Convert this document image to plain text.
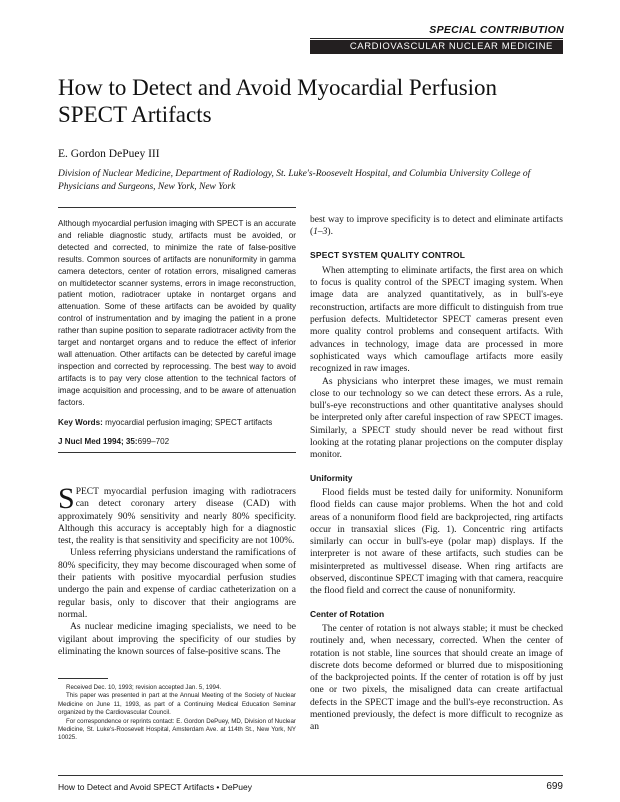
SPECIAL CONTRIBUTION
CARDIOVASCULAR NUCLEAR MEDICINE
How to Detect and Avoid Myocardial Perfusion SPECT Artifacts
E. Gordon DePuey III
Division of Nuclear Medicine, Department of Radiology, St. Luke's-Roosevelt Hospital, and Columbia University College of Physicians and Surgeons, New York, New York

Although myocardial perfusion imaging with SPECT is an accurate and reliable diagnostic study, artifacts must be avoided, or detected and corrected, to minimize the rate of false-positive results. Common sources of artifacts are nonuniformity in gamma camera detectors, center of rotation errors, misaligned cameras on multidetector scanner systems, errors in image reconstruction, patient motion, radiotracer uptake in nontarget organs and attenuation. Some of these artifacts can be avoided by quality control of instrumentation and by imaging the patient in a prone rather than supine position to separate radiotracer activity from the target and nontarget organs and to reduce the effect of inferior wall attenuation. Other artifacts can be detected by careful image inspection and corrected by reprocessing. The best way to avoid artifacts is to pay very close attention to the technical factors of image acquisition and processing, and to be aware of attenuation factors.

Key Words: myocardial perfusion imaging; SPECT artifacts

J Nucl Med 1994; 35:699–702

SPECT myocardial perfusion imaging with radiotracers can detect coronary artery disease (CAD) with approximately 90% sensitivity and nearly 80% specificity. Although this accuracy is acceptably high for a diagnostic test, the reality is that sensitivity and specificity are not 100%.

Unless referring physicians understand the ramifications of 80% specificity, they may become discouraged when some of their patients with positive myocardial perfusion studies undergo the pain and expense of cardiac catheterization on a regular basis, only to discover that their angiograms are normal.

As nuclear medicine imaging specialists, we need to be vigilant about improving the specificity of our studies by eliminating the known sources of false-positive scans. The

Received Dec. 10, 1993; revision accepted Jan. 5, 1994.

This paper was presented in part at the Annual Meeting of the Society of Nuclear Medicine on June 11, 1993, as part of a Continuing Medical Education Seminar organized by the Cardiovascular Council.

For correspondence or reprints contact: E. Gordon DePuey, MD, Division of Nuclear Medicine, St. Luke's-Roosevelt Hospital, Amsterdam Ave. at 114th St., New York, NY 10025.

best way to improve specificity is to detect and eliminate artifacts (1–3).

SPECT SYSTEM QUALITY CONTROL

When attempting to eliminate artifacts, the first area on which to focus is quality control of the SPECT imaging system. When image data are analyzed quantitatively, as in bull's-eye reconstruction, artifacts are more difficult to distinguish from true perfusion defects. Multidetector SPECT cameras present even more quality control problems and consequent artifacts. With advances in technology, image data are processed in more sophisticated ways which camouflage artifacts more easily recognized in raw images.

As physicians who interpret these images, we must remain close to our technology so we can detect these errors. As a rule, bull's-eye reconstructions and other quantitative analyses should be interpreted only after careful inspection of raw SPECT images. Similarly, a SPECT study should never be read without first looking at the rotating planar projections on the computer display monitor.

Uniformity

Flood fields must be tested daily for uniformity. Nonuniform flood fields can cause major problems. When the hot and cold areas of a nonuniform flood field are backprojected, ring artifacts occur in transaxial slices (Fig. 1). Concentric ring artifacts similarly can occur in bull's-eye (polar map) displays. If the interpreter is not aware of these artifacts, such studies can be misinterpreted as multivessel disease. When ring artifacts are observed, discontinue SPECT imaging with that camera, reacquire the flood field and correct the cause of nonuniformity.

Center of Rotation

The center of rotation is not always stable; it must be checked routinely and, when necessary, corrected. When the center of rotation is not stable, line sources that should create an image of discrete dots become deformed or blurred due to mispositioning of the backprojected points. If the center of rotation is off by just one or two pixels, the misaligned data can create artifactual defects in the SPECT image and the bull's-eye reconstruction. As mentioned previously, the defect is more difficult to recognize as an

How to Detect and Avoid SPECT Artifacts • DePuey	699
